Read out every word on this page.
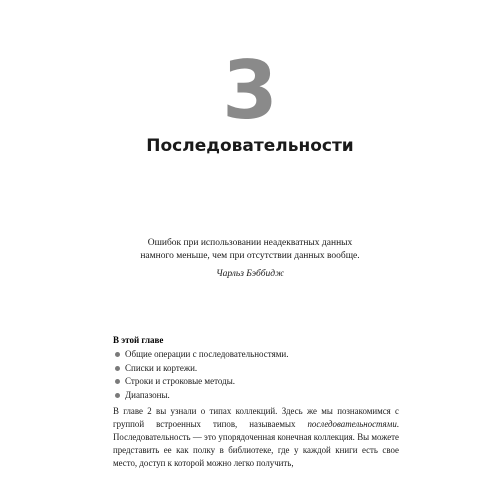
3
Последовательности
Ошибок при использовании неадекватных данных
намного меньше, чем при отсутствии данных вообще.
Чарльз Бэббидж
В этой главе
Общие операции с последовательностями.
Списки и кортежи.
Строки и строковые методы.
Диапазоны.

В главе 2 вы узнали о типах коллекций. Здесь же мы познакомимся с группой встроенных типов, называемых последовательностями. Последовательность — это упорядоченная конечная коллекция. Вы можете представить ее как полку в библиотеке, где у каждой книги есть свое место, доступ к которой можно легко получить,
